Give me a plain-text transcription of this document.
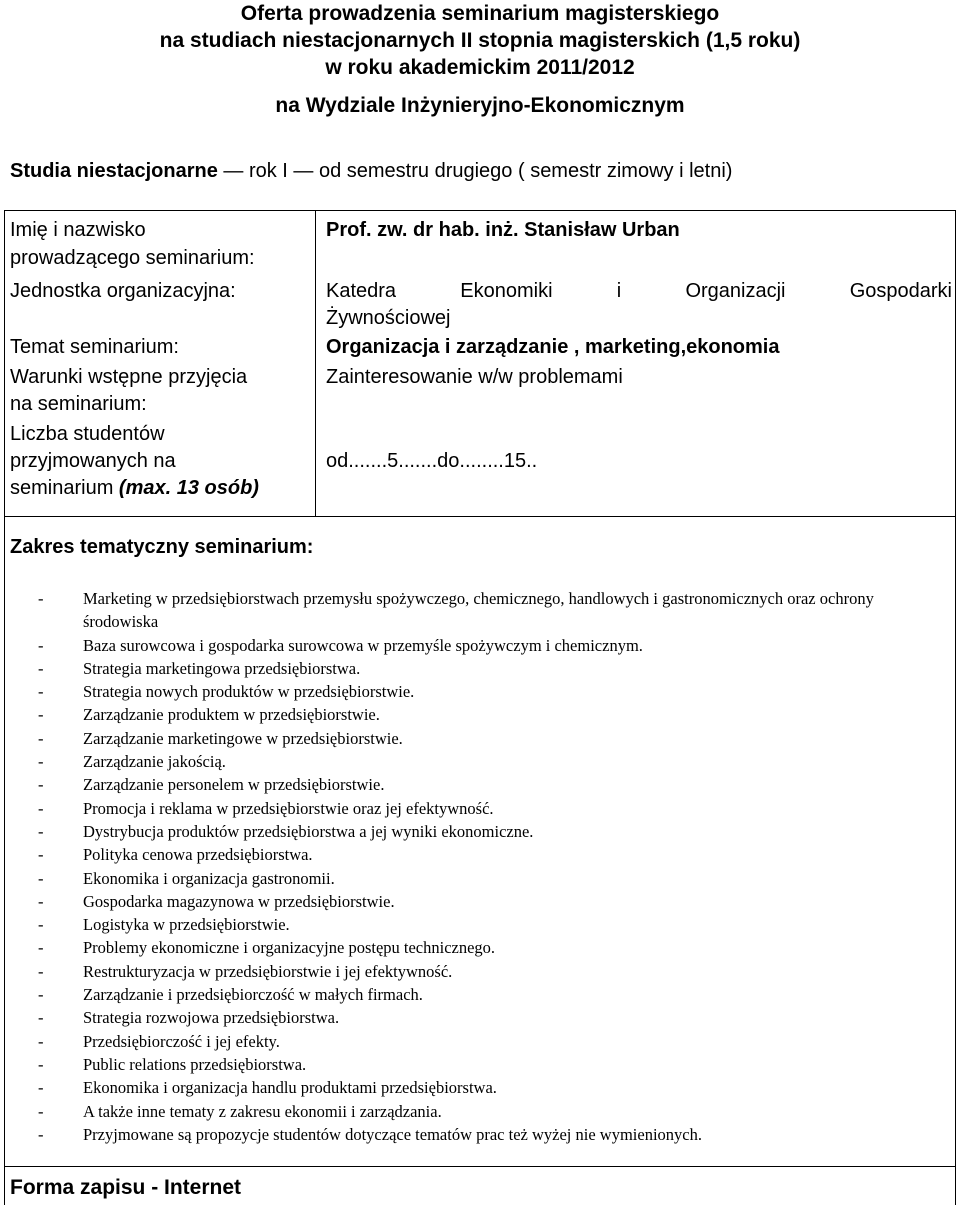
Oferta prowadzenia seminarium magisterskiego
na studiach niestacjonarnych II stopnia magisterskich (1,5 roku)
w roku akademickim 2011/2012
na Wydziale Inżynieryjno-Ekonomicznym
Studia niestacjonarne — rok I — od semestru drugiego ( semestr zimowy i letni)
Imię i nazwisko
prowadzącego seminarium:
Prof. zw. dr hab. inż. Stanisław Urban
Jednostka organizacyjna:	Katedra Ekonomiki i Organizacji Gospodarki
Żywnościowej
Temat seminarium:	Organizacja i zarządzanie , marketing,ekonomia
Warunki wstępne przyjęcia
na seminarium:
Zainteresowanie w/w problemami
Liczba studentów
przyjmowanych na
seminarium (max. 13 osób)
od.......5.......do........15..
Zakres tematyczny seminarium:
- Marketing w przedsiębiorstwach przemysłu spożywczego, chemicznego, handlowych i gastronomicznych oraz ochrony środowiska
- Baza surowcowa i gospodarka surowcowa w przemyśle spożywczym i chemicznym.
- Strategia marketingowa przedsiębiorstwa.
- Strategia nowych produktów w przedsiębiorstwie.
- Zarządzanie produktem w przedsiębiorstwie.
- Zarządzanie marketingowe w przedsiębiorstwie.
- Zarządzanie jakością.
- Zarządzanie personelem w przedsiębiorstwie.
- Promocja i reklama w przedsiębiorstwie oraz jej efektywność.
- Dystrybucja produktów przedsiębiorstwa a jej wyniki ekonomiczne.
- Polityka cenowa przedsiębiorstwa.
- Ekonomika i organizacja gastronomii.
- Gospodarka magazynowa w przedsiębiorstwie.
- Logistyka w przedsiębiorstwie.
- Problemy ekonomiczne i organizacyjne postępu technicznego.
- Restrukturyzacja w przedsiębiorstwie i jej efektywność.
- Zarządzanie i przedsiębiorczość w małych firmach.
- Strategia rozwojowa przedsiębiorstwa.
- Przedsiębiorczość i jej efekty.
- Public relations przedsiębiorstwa.
- Ekonomika i organizacja handlu produktami przedsiębiorstwa.
- A także inne tematy z zakresu ekonomii i zarządzania.
- Przyjmowane są propozycje studentów dotyczące tematów prac też wyżej nie wymienionych.
Forma zapisu - Internet
